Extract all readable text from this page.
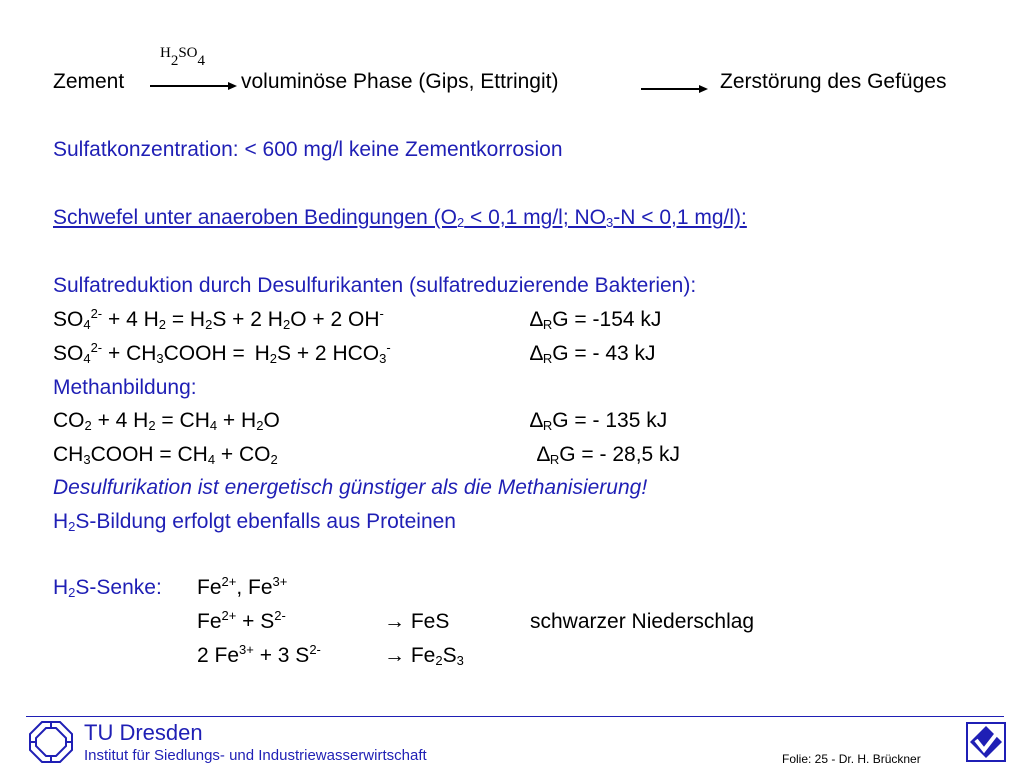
H2SO4
Zement	voluminöse Phase (Gips, Ettringit)	Zerstörung des Gefüges
Sulfatkonzentration: < 600 mg/l keine Zementkorrosion
Schwefel unter anaeroben Bedingungen ($O_2 < 0,1$ mg/l; $NO_3-N < 0,1$ mg/l):
Sulfatreduktion durch Desulfurikanten (sulfatreduzierende Bakterien):
$SO_4^{2-} + 4$ $H_2 = H_2S + 2$ $H_2O + 2$ OH-	$\Delta_RG = -154$ kJ
$SO_4^{2-}$ + $CH_3COOH = H_2S + 2$ $HCO_3^-$	$\Delta_RG$ = - 43 kJ
Methanbildung:
$CO_2 + 4$ $H_2 = CH_4 + H_2O$	$\Delta_RG$ = - 135 kJ
$CH_3COOH = CH_4 + CO_2$	$\Delta_RG$ = - 28,5 kJ
Desulfurikation ist energetisch günstiger als die Methanisierung!
$H_2S$-Bildung erfolgt ebenfalls aus Proteinen
$H_2S$-Senke: $Fe^{2+}$, $Fe^{3+}$
$Fe^{2+} + S^{2-}$	→ FeS	schwarzer Niederschlag
2 $Fe^{3+} + 3$ $S^{2-}$	→ $Fe_2S_3$
TU Dresden
Institut für Siedlungs- und Industriewasserwirtschaft	Folie: 25 - Dr. H. Brückner
